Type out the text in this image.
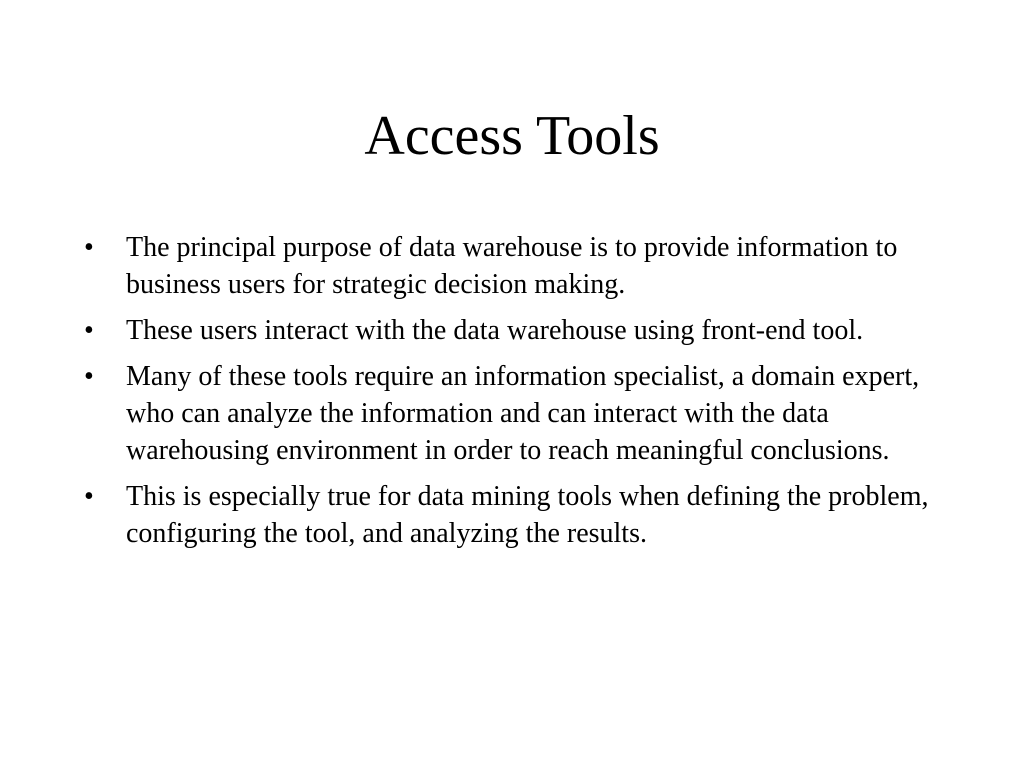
Access Tools
•	The principal purpose of data warehouse is to provide information to business users for strategic decision making.
•	These users interact with the data warehouse using front-end tool.
•	Many of these tools require an information specialist, a domain expert, who can analyze the information and can interact with the data warehousing environment in order to reach meaningful conclusions.
•	This is especially true for data mining tools when defining the problem, configuring the tool, and analyzing the results.
